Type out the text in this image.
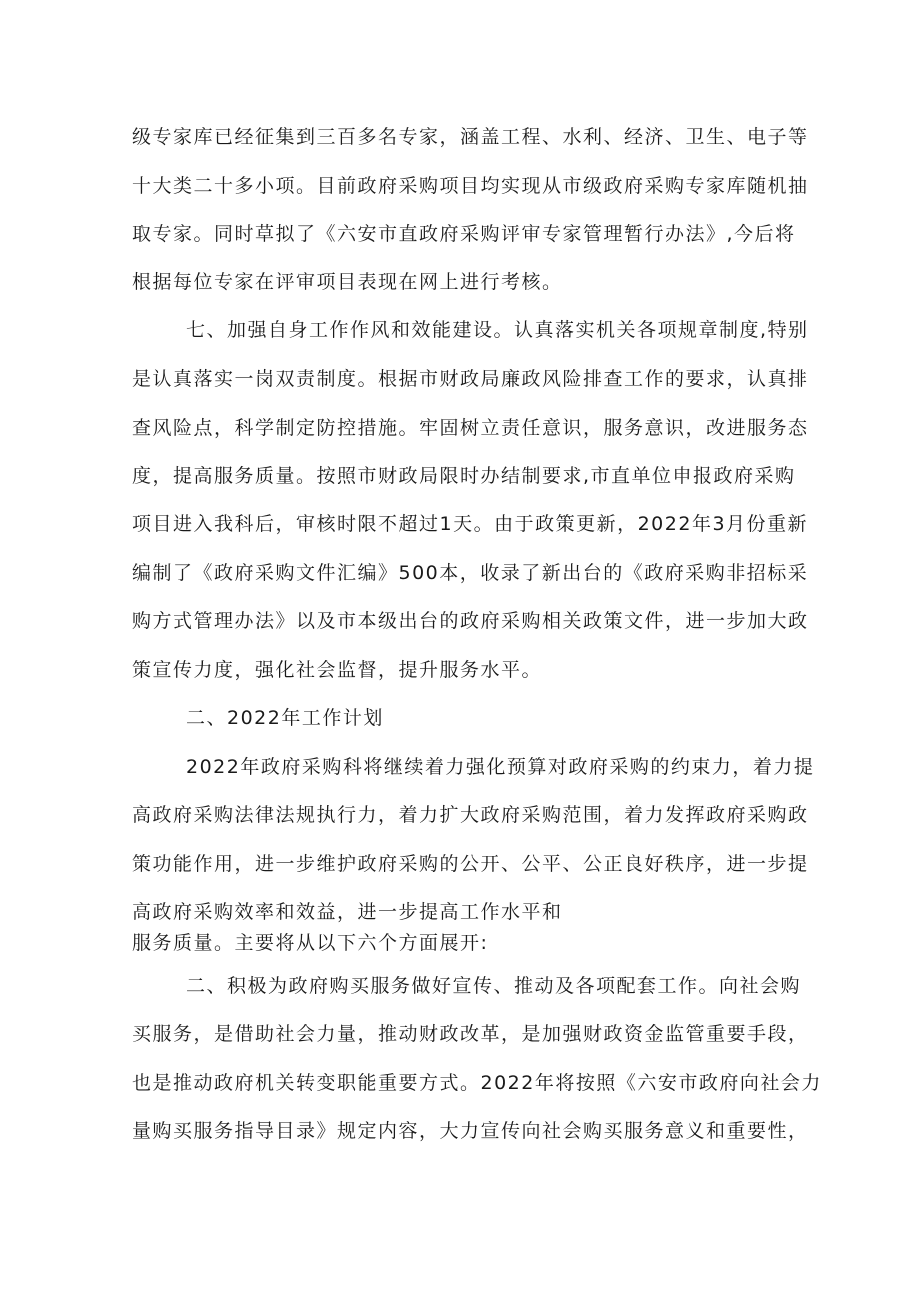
级专家库已经征集到三百多名专家，涵盖工程、水利、经济、卫生、电子等
十大类二十多小项。目前政府采购项目均实现从市级政府采购专家库随机抽
取专家。同时草拟了《六安市直政府采购评审专家管理暂行办法》,今后将
根据每位专家在评审项目表现在网上进行考核。
七、加强自身工作作风和效能建设。认真落实机关各项规章制度,特别
是认真落实一岗双责制度。根据市财政局廉政风险排查工作的要求，认真排
查风险点，科学制定防控措施。牢固树立责任意识，服务意识，改进服务态
度，提高服务质量。按照市财政局限时办结制要求,市直单位申报政府采购
项目进入我科后，审核时限不超过1天。由于政策更新，2022年3月份重新
编制了《政府采购文件汇编》500本，收录了新出台的《政府采购非招标采
购方式管理办法》以及市本级出台的政府采购相关政策文件，进一步加大政
策宣传力度，强化社会监督，提升服务水平。
二、2022年工作计划
2022年政府采购科将继续着力强化预算对政府采购的约束力，着力提
高政府采购法律法规执行力，着力扩大政府采购范围，着力发挥政府采购政
策功能作用，进一步维护政府采购的公开、公平、公正良好秩序，进一步提
高政府采购效率和效益，进一步提高工作水平和
服务质量。主要将从以下六个方面展开:
二、积极为政府购买服务做好宣传、推动及各项配套工作。向社会购
买服务，是借助社会力量，推动财政改革，是加强财政资金监管重要手段，
也是推动政府机关转变职能重要方式。2022年将按照《六安市政府向社会力
量购买服务指导目录》规定内容，大力宣传向社会购买服务意义和重要性，
